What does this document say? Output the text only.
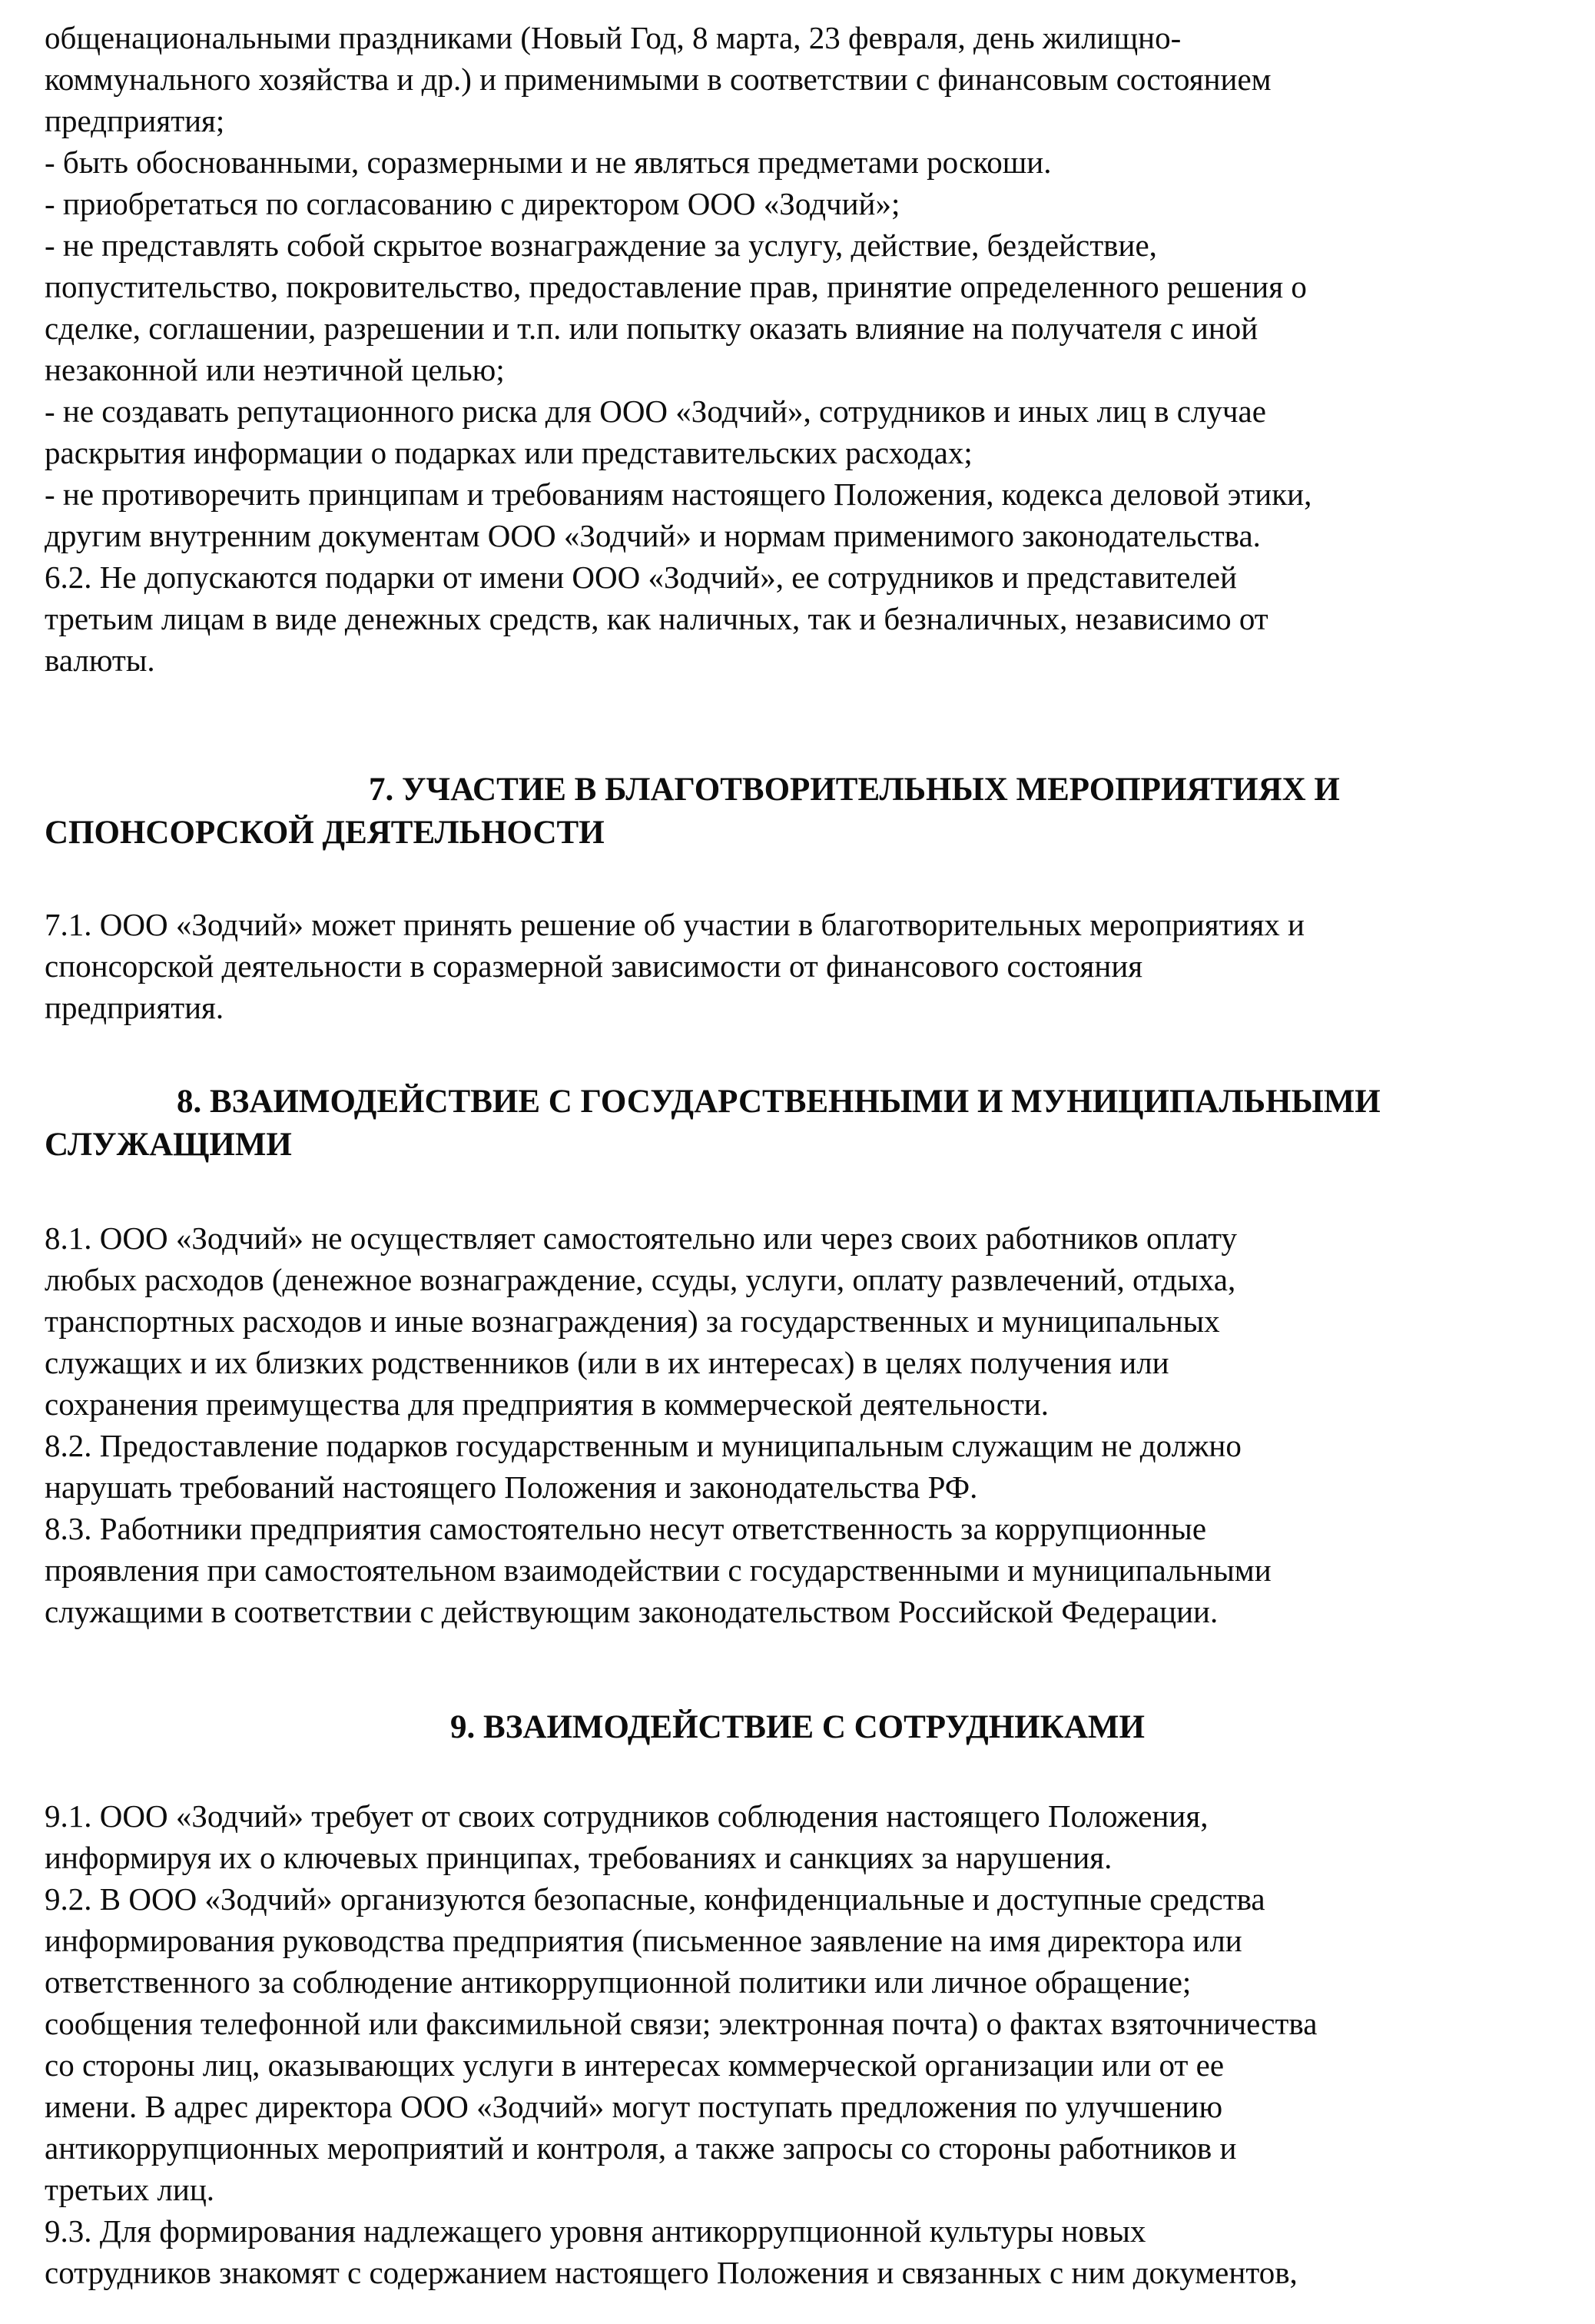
общенациональными праздниками (Новый Год, 8 марта, 23 февраля, день жилищно-

коммунального хозяйства и др.) и применимыми в соответствии с финансовым состоянием

предприятия;

- быть обоснованными, соразмерными и не являться предметами роскоши.

- приобретаться по согласованию с директором ООО «Зодчий»;

- не представлять собой скрытое вознаграждение за услугу, действие, бездействие,

попустительство, покровительство, предоставление прав, принятие определенного решения о

сделке, соглашении, разрешении и т.п. или попытку оказать влияние на получателя с иной

незаконной или неэтичной целью;

- не создавать репутационного риска для ООО «Зодчий», сотрудников и иных лиц в случае

раскрытия информации о подарках или представительских расходах;

- не противоречить принципам и требованиям настоящего Положения, кодекса деловой этики,

другим внутренним документам ООО «Зодчий» и нормам применимого законодательства.

6.2. Не допускаются подарки от имени ООО «Зодчий», ее сотрудников и представителей

третьим лицам в виде денежных средств, как наличных, так и безналичных, независимо от

валюты.

7. УЧАСТИЕ В БЛАГОТВОРИТЕЛЬНЫХ МЕРОПРИЯТИЯХ И
СПОНСОРСКОЙ ДЕЯТЕЛЬНОСТИ

7.1. ООО «Зодчий» может принять решение об участии в благотворительных мероприятиях и

спонсорской деятельности в соразмерной зависимости от финансового состояния

предприятия.

8. ВЗАИМОДЕЙСТВИЕ С ГОСУДАРСТВЕННЫМИ И МУНИЦИПАЛЬНЫМИ
СЛУЖАЩИМИ

8.1. ООО «Зодчий» не осуществляет самостоятельно или через своих работников оплату

любых расходов (денежное вознаграждение, ссуды, услуги, оплату развлечений, отдыха,

транспортных расходов и иные вознаграждения) за государственных и муниципальных

служащих и их близких родственников (или в их интересах) в целях получения или

сохранения преимущества для предприятия в коммерческой деятельности.

8.2. Предоставление подарков государственным и муниципальным служащим не должно

нарушать требований настоящего Положения и законодательства РФ.

8.3. Работники предприятия самостоятельно несут ответственность за коррупционные

проявления при самостоятельном взаимодействии с государственными и муниципальными

служащими в соответствии с действующим законодательством Российской Федерации.

9. ВЗАИМОДЕЙСТВИЕ С СОТРУДНИКАМИ

9.1. ООО «Зодчий» требует от своих сотрудников соблюдения настоящего Положения,

информируя их о ключевых принципах, требованиях и санкциях за нарушения.

9.2. В ООО «Зодчий» организуются безопасные, конфиденциальные и доступные средства

информирования руководства предприятия (письменное заявление на имя директора или

ответственного за соблюдение антикоррупционной политики или личное обращение;

сообщения телефонной или факсимильной связи; электронная почта) о фактах взяточничества

со стороны лиц, оказывающих услуги в интересах коммерческой организации или от ее

имени. В адрес директора ООО «Зодчий» могут поступать предложения по улучшению

антикоррупционных мероприятий и контроля, а также запросы со стороны работников и

третьих лиц.

9.3. Для формирования надлежащего уровня антикоррупционной культуры новых

сотрудников знакомят с содержанием настоящего Положения и связанных с ним документов,
